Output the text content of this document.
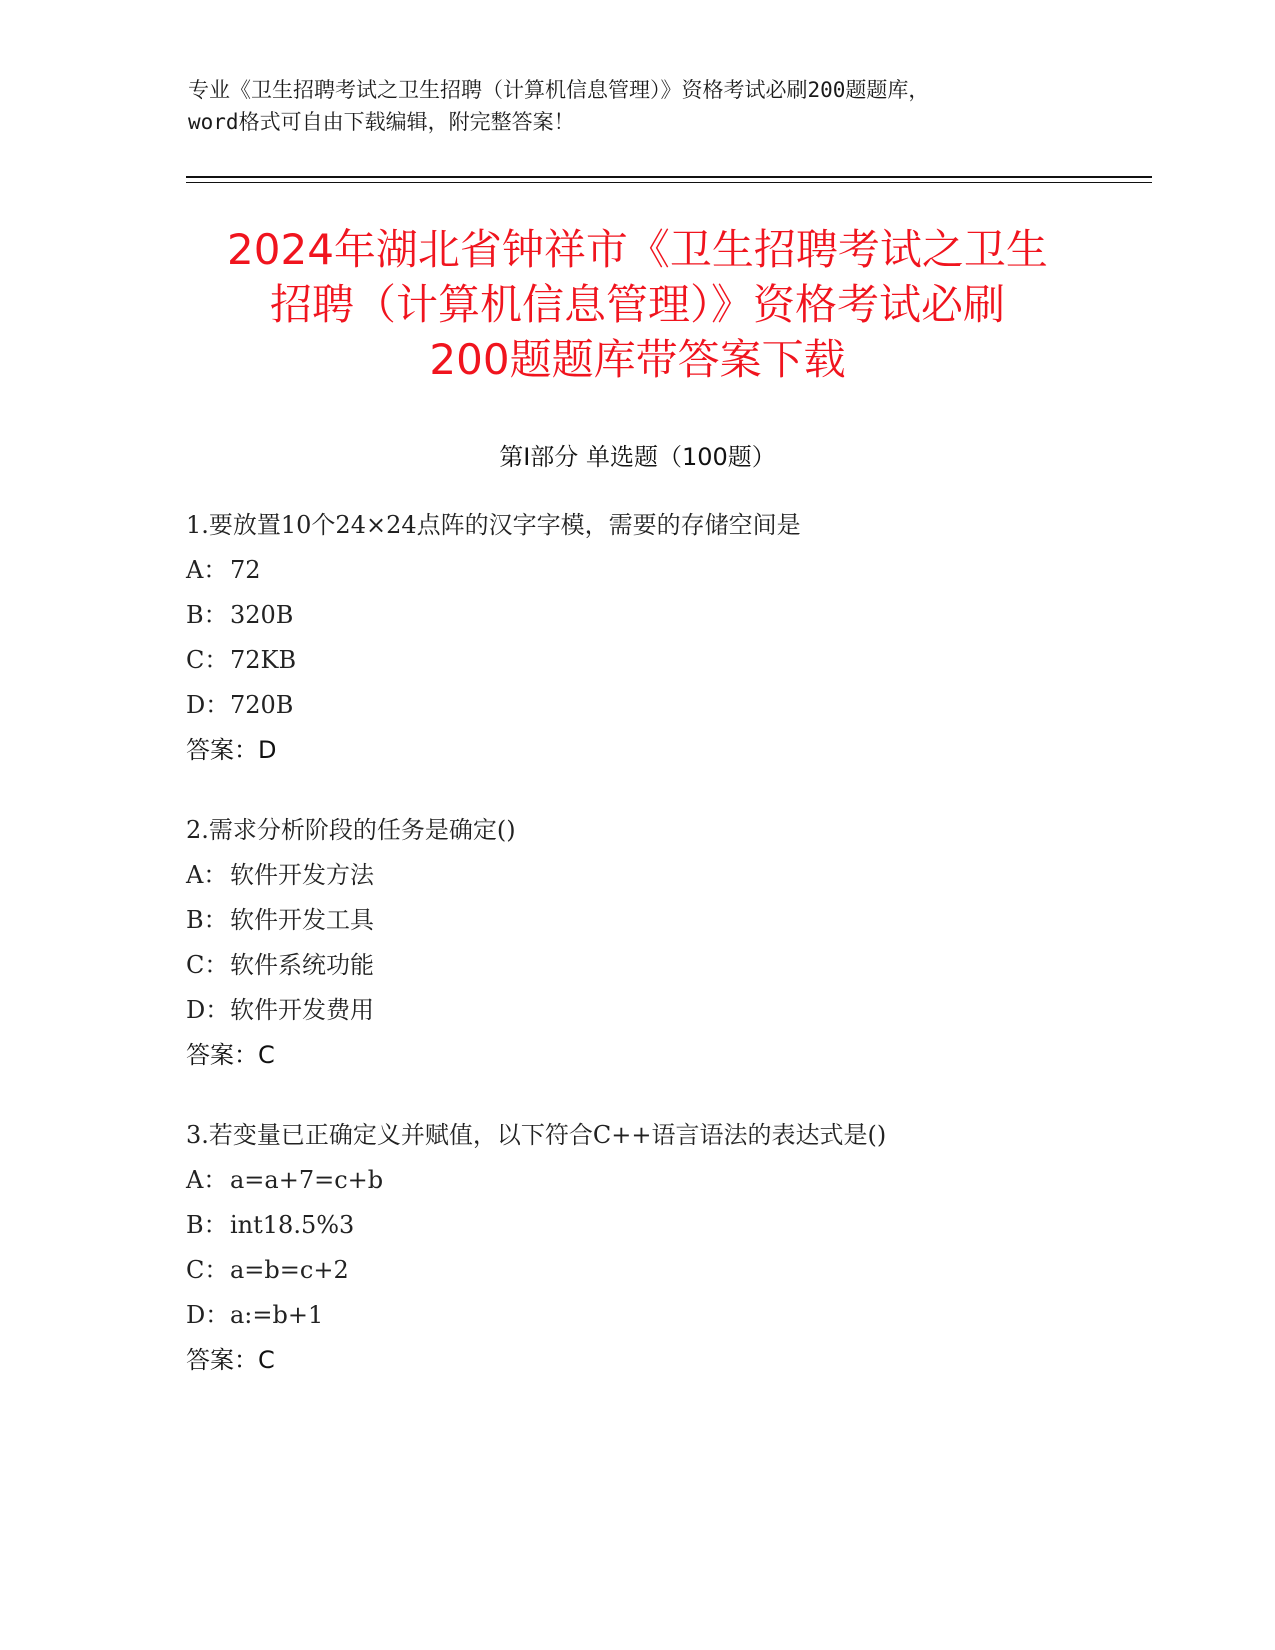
专业《卫生招聘考试之卫生招聘（计算机信息管理）》资格考试必刷200题题库，
word格式可自由下载编辑，附完整答案！
2024年湖北省钟祥市《卫生招聘考试之卫生
招聘（计算机信息管理）》资格考试必刷
200题题库带答案下载
第Ⅰ部分 单选题（100题）
1.要放置10个24×24点阵的汉字字模，需要的存储空间是
A： 72
B：320B
C：72KB
D：720B
答案：D
2.需求分析阶段的任务是确定()
A： 软件开发方法
B：软件开发工具
C：软件系统功能
D：软件开发费用
答案：C
3.若变量已正确定义并赋值，以下符合C++语言语法的表达式是()
A： a=a+7=c+b
B：int18.5%3
C：a=b=c+2
D：a:=b+1
答案：C
